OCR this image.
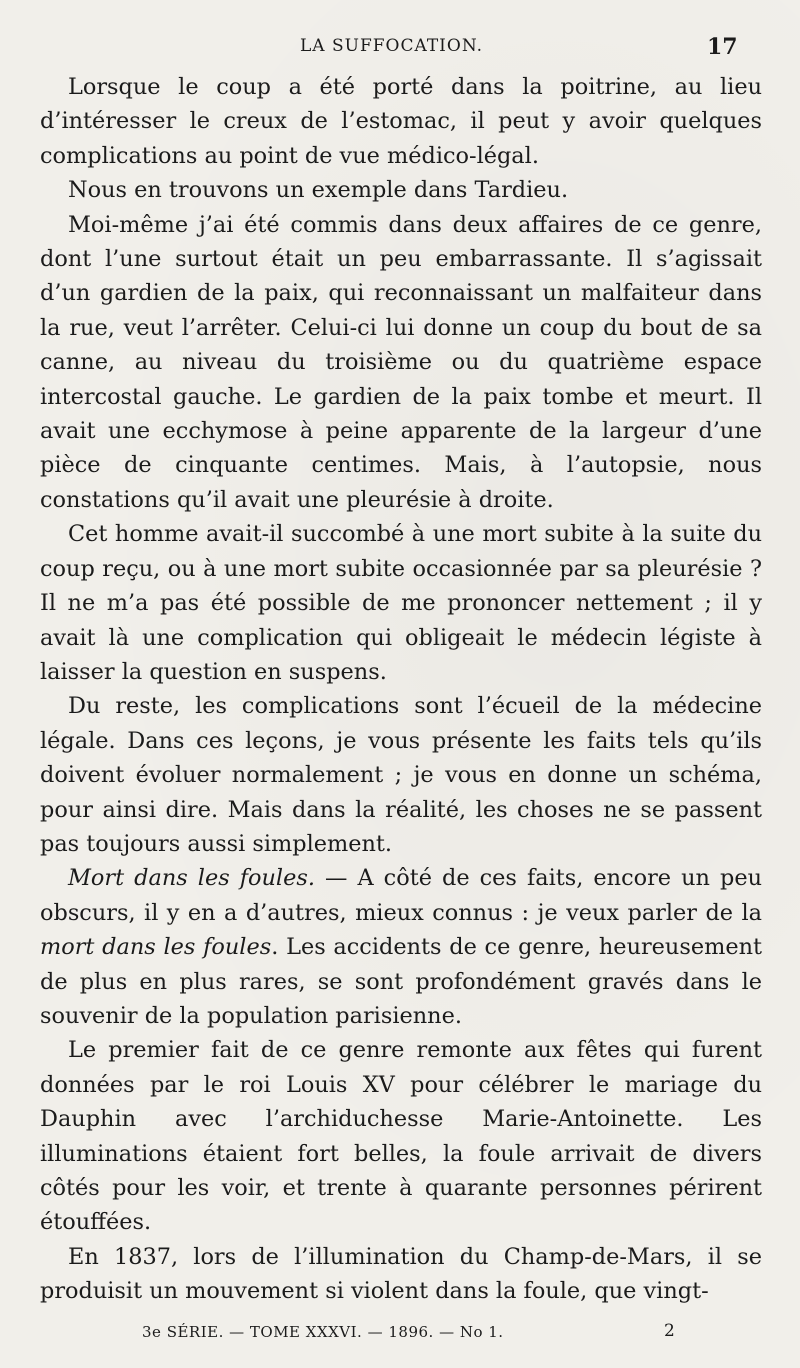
LA SUFFOCATION.	17

Lorsque le coup a été porté dans la poitrine, au lieu d’intéresser le creux de l’estomac, il peut y avoir quelques complications au point de vue médico-légal.

Nous en trouvons un exemple dans Tardieu.

Moi-même j’ai été commis dans deux affaires de ce genre, dont l’une surtout était un peu embarrassante. Il s’agissait d’un gardien de la paix, qui reconnaissant un malfaiteur dans la rue, veut l’arrêter. Celui-ci lui donne un coup du bout de sa canne, au niveau du troisième ou du quatrième espace intercostal gauche. Le gardien de la paix tombe et meurt. Il avait une ecchymose à peine apparente de la largeur d’une pièce de cinquante centimes. Mais, à l’autopsie, nous constations qu’il avait une pleurésie à droite.

Cet homme avait-il succombé à une mort subite à la suite du coup reçu, ou à une mort subite occasionnée par sa pleurésie ? Il ne m’a pas été possible de me prononcer nettement ; il y avait là une complication qui obligeait le médecin légiste à laisser la question en suspens.

Du reste, les complications sont l’écueil de la médecine légale. Dans ces leçons, je vous présente les faits tels qu’ils doivent évoluer normalement ; je vous en donne un schéma, pour ainsi dire. Mais dans la réalité, les choses ne se passent pas toujours aussi simplement.

Mort dans les foules. — A côté de ces faits, encore un peu obscurs, il y en a d’autres, mieux connus : je veux parler de la mort dans les foules. Les accidents de ce genre, heureusement de plus en plus rares, se sont profondément gravés dans le souvenir de la population parisienne.

Le premier fait de ce genre remonte aux fêtes qui furent données par le roi Louis XV pour célébrer le mariage du Dauphin avec l’archiduchesse Marie-Antoinette. Les illuminations étaient fort belles, la foule arrivait de divers côtés pour les voir, et trente à quarante personnes périrent étouffées.

En 1837, lors de l’illumination du Champ-de-Mars, il se produisit un mouvement si violent dans la foule, que vingt-

3e SÉRIE. — TOME XXXVI. — 1896. — No 1.	2
